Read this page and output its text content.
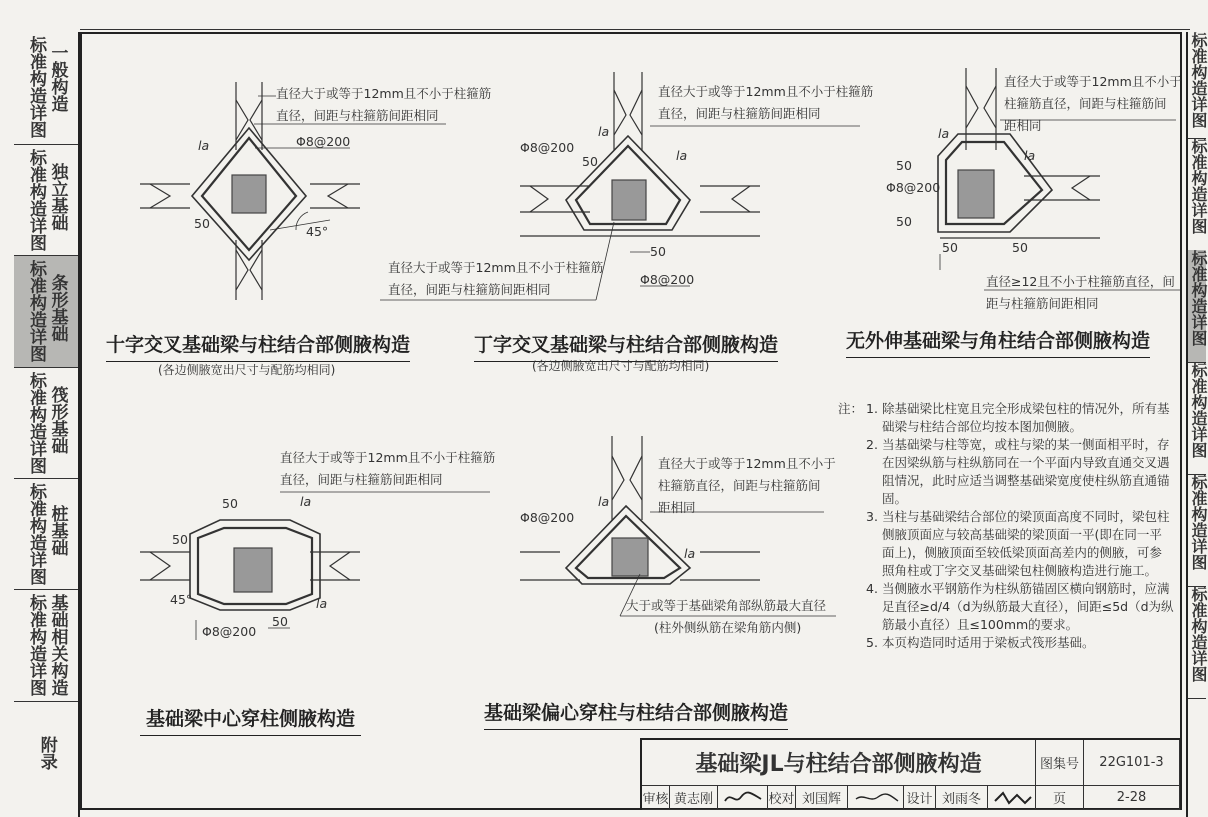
标准构造详图 一般构造
标准构造详图 独立基础
标准构造详图 条形基础
标准构造详图 筏形基础
标准构造详图 桩基础
标准构造详图 基础相关构造
附录
标准构造详图
标准构造详图
标准构造详图
标准构造详图
标准构造详图
标准构造详图
直径大于或等于12mm且不小于柱箍筋
直径，间距与柱箍筋间距相同
Φ8@200
la
50
45°
十字交叉基础梁与柱结合部侧腋构造
(各边侧腋宽出尺寸与配筋均相同)
直径大于或等于12mm且不小于柱箍筋
直径，间距与柱箍筋间距相同
Φ8@200
直径大于或等于12mm且不小于柱箍筋
直径，间距与柱箍筋间距相同
Φ8@200
50
50
la
la
丁字交叉基础梁与柱结合部侧腋构造
(各边侧腋宽出尺寸与配筋均相同)
直径大于或等于12mm且不小于
柱箍筋直径，间距与柱箍筋间
距相同
Φ8@200
直径≥12且不小于柱箍筋直径，间
距与柱箍筋间距相同
50
50
50	50
la
la
无外伸基础梁与角柱结合部侧腋构造
直径大于或等于12mm且不小于柱箍筋
直径，间距与柱箍筋间距相同
Φ8@200
50
50
50
la
la
45°
基础梁中心穿柱侧腋构造
直径大于或等于12mm且不小于
柱箍筋直径，间距与柱箍筋间
距相同
Φ8@200
大于或等于基础梁角部纵筋最大直径
(柱外侧纵筋在梁角筋内侧)
la
la
基础梁偏心穿柱与柱结合部侧腋构造
注： 1. 除基础梁比柱宽且完全形成梁包柱的情况外，所有基础梁与柱结合部位均按本图加侧腋。
2. 当基础梁与柱等宽，或柱与梁的某一侧面相平时，存在因梁纵筋与柱纵筋同在一个平面内导致直通交叉遇阻情况，此时应适当调整基础梁宽度使柱纵筋直通锚固。
3. 当柱与基础梁结合部位的梁顶面高度不同时，梁包柱侧腋顶面应与较高基础梁的梁顶面一平(即在同一平面上)，侧腋顶面至较低梁顶面高差内的侧腋，可参照角柱或丁字交叉基础梁包柱侧腋构造进行施工。
4. 当侧腋水平钢筋作为柱纵筋锚固区横向钢筋时，应满足直径≥d/4（d为纵筋最大直径），间距≤5d（d为纵筋最小直径）且≤100mm的要求。
5. 本页构造同时适用于梁板式筏形基础。
基础梁JL与柱结合部侧腋构造	图集号	22G101-3
审核 黄志刚	校对 刘国辉	设计 刘雨冬	页	2-28
